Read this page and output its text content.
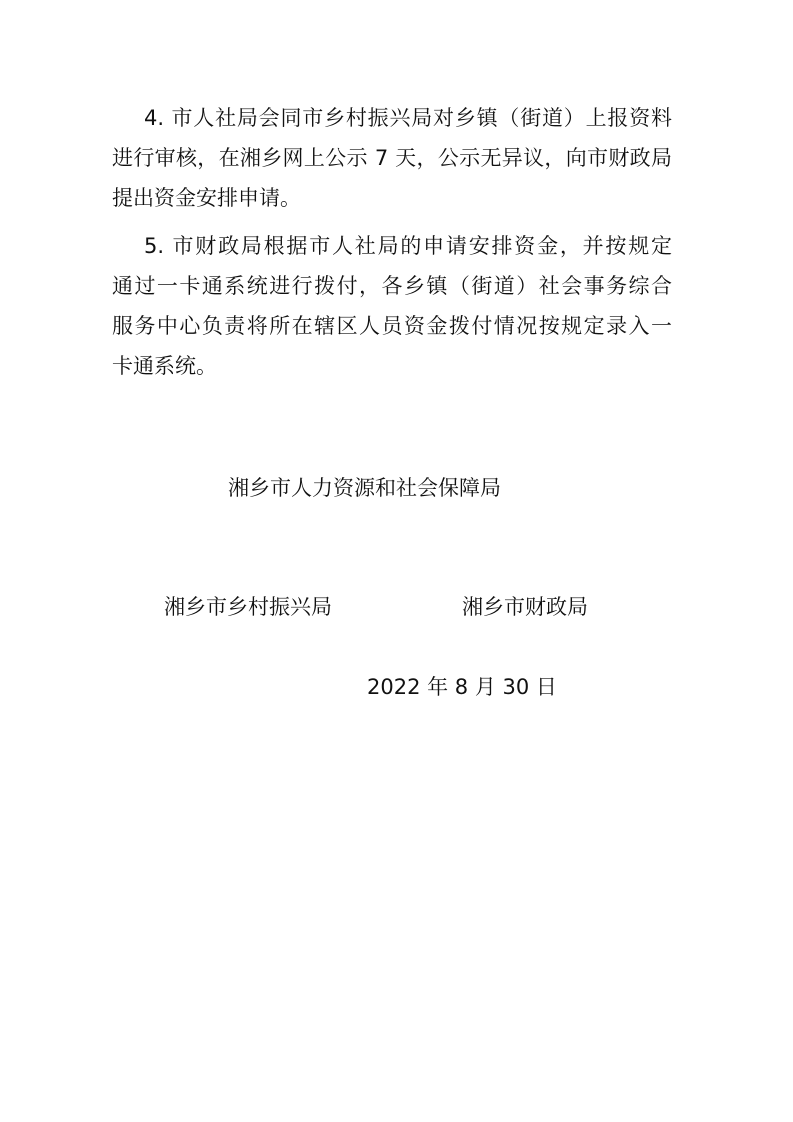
4. 市人社局会同市乡村振兴局对乡镇（街道）上报资料
进行审核，在湘乡网上公示 7 天，公示无异议，向市财政局
提出资金安排申请。
5. 市财政局根据市人社局的申请安排资金，并按规定
通过一卡通系统进行拨付，各乡镇（街道）社会事务综合
服务中心负责将所在辖区人员资金拨付情况按规定录入一
卡通系统。
湘乡市人力资源和社会保障局
湘乡市乡村振兴局	湘乡市财政局
2022 年 8 月 30 日
